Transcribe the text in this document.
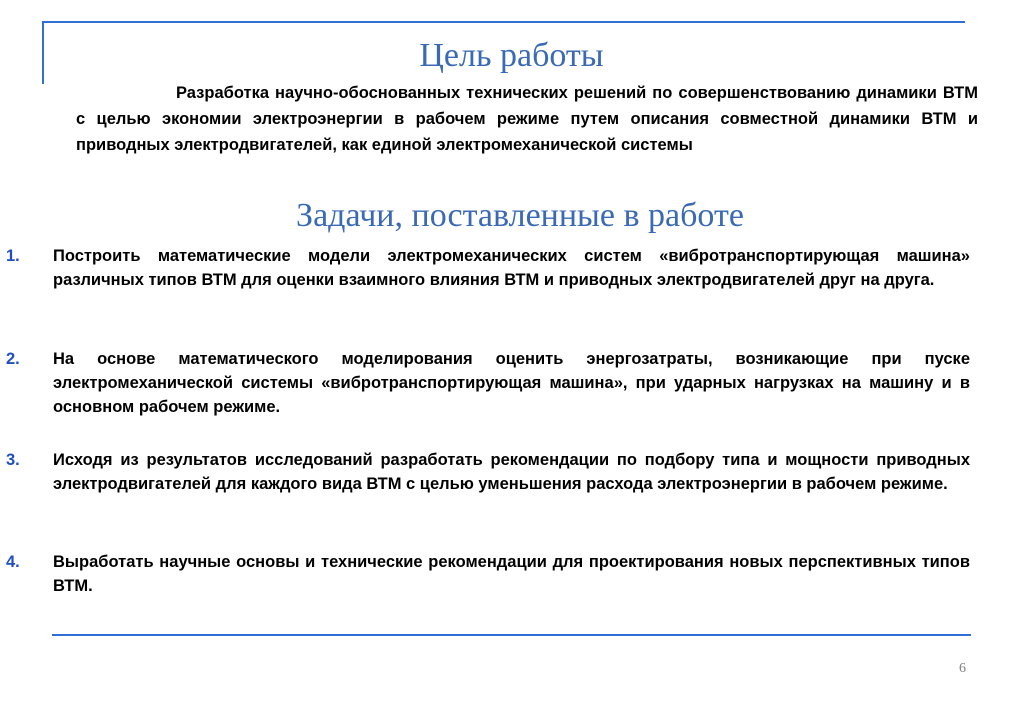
Цель работы

Разработка научно-обоснованных технических решений по совершенствованию динамики ВТМ с целью экономии электроэнергии в рабочем режиме путем описания совместной динамики ВТМ и приводных электродвигателей, как единой электромеханической системы

Задачи, поставленные в работе
1.	Построить математические модели электромеханических систем «вибротранспортирующая машина» различных типов ВТМ для оценки взаимного влияния ВТМ и приводных электродвигателей друг на друга.

2.	На основе математического моделирования оценить энергозатраты, возникающие при пуске электромеханической системы «вибротранспортирующая машина», при ударных нагрузках на машину и в основном рабочем режиме.

3.	Исходя из результатов исследований разработать рекомендации по подбору типа и мощности приводных электродвигателей для каждого вида ВТМ с целью уменьшения расхода электроэнергии в рабочем режиме.

4.	Выработать научные основы и технические рекомендации для проектирования новых перспективных типов ВТМ.

6
